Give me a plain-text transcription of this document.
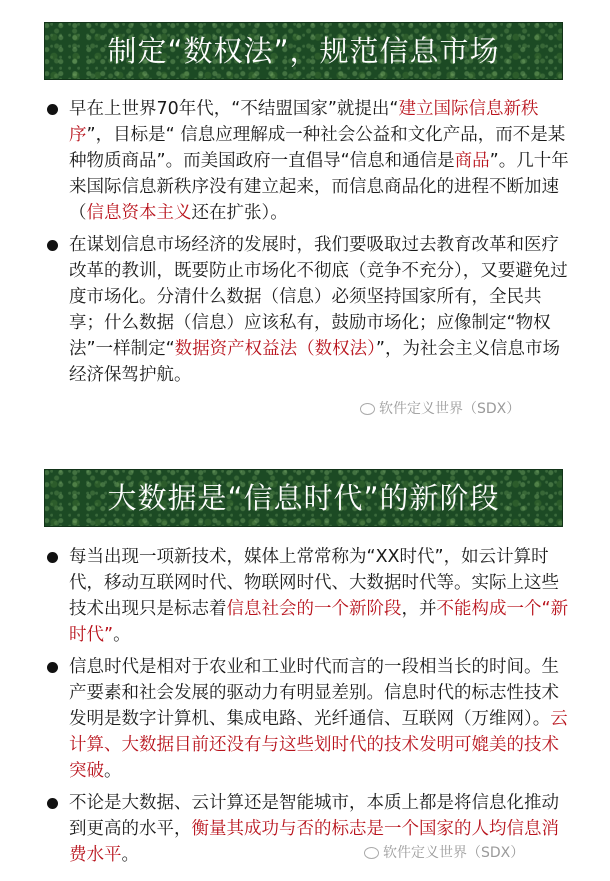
制定“数权法”，规范信息市场
早在上世界70年代，“不结盟国家”就提出“建立国际信息新秩序”，目标是“ 信息应理解成一种社会公益和文化产品，而不是某种物质商品”。而美国政府一直倡导“信息和通信是商品”。几十年来国际信息新秩序没有建立起来，而信息商品化的进程不断加速（信息资本主义还在扩张）。
在谋划信息市场经济的发展时，我们要吸取过去教育改革和医疗改革的教训，既要防止市场化不彻底（竞争不充分），又要避免过度市场化。分清什么数据（信息）必须坚持国家所有，全民共享；什么数据（信息）应该私有，鼓励市场化；应像制定“物权法”一样制定“数据资产权益法（数权法）”，为社会主义信息市场经济保驾护航。
软件定义世界（SDX）
大数据是“信息时代”的新阶段
每当出现一项新技术，媒体上常常称为“XX时代”，如云计算时代，移动互联网时代、物联网时代、大数据时代等。实际上这些技术出现只是标志着信息社会的一个新阶段，并不能构成一个“新时代”。
信息时代是相对于农业和工业时代而言的一段相当长的时间。生产要素和社会发展的驱动力有明显差别。信息时代的标志性技术发明是数字计算机、集成电路、光纤通信、互联网（万维网）。云计算、大数据目前还没有与这些划时代的技术发明可媲美的技术突破。
不论是大数据、云计算还是智能城市，本质上都是将信息化推动到更高的水平，衡量其成功与否的标志是一个国家的人均信息消费水平。	软件定义世界（SDX）
